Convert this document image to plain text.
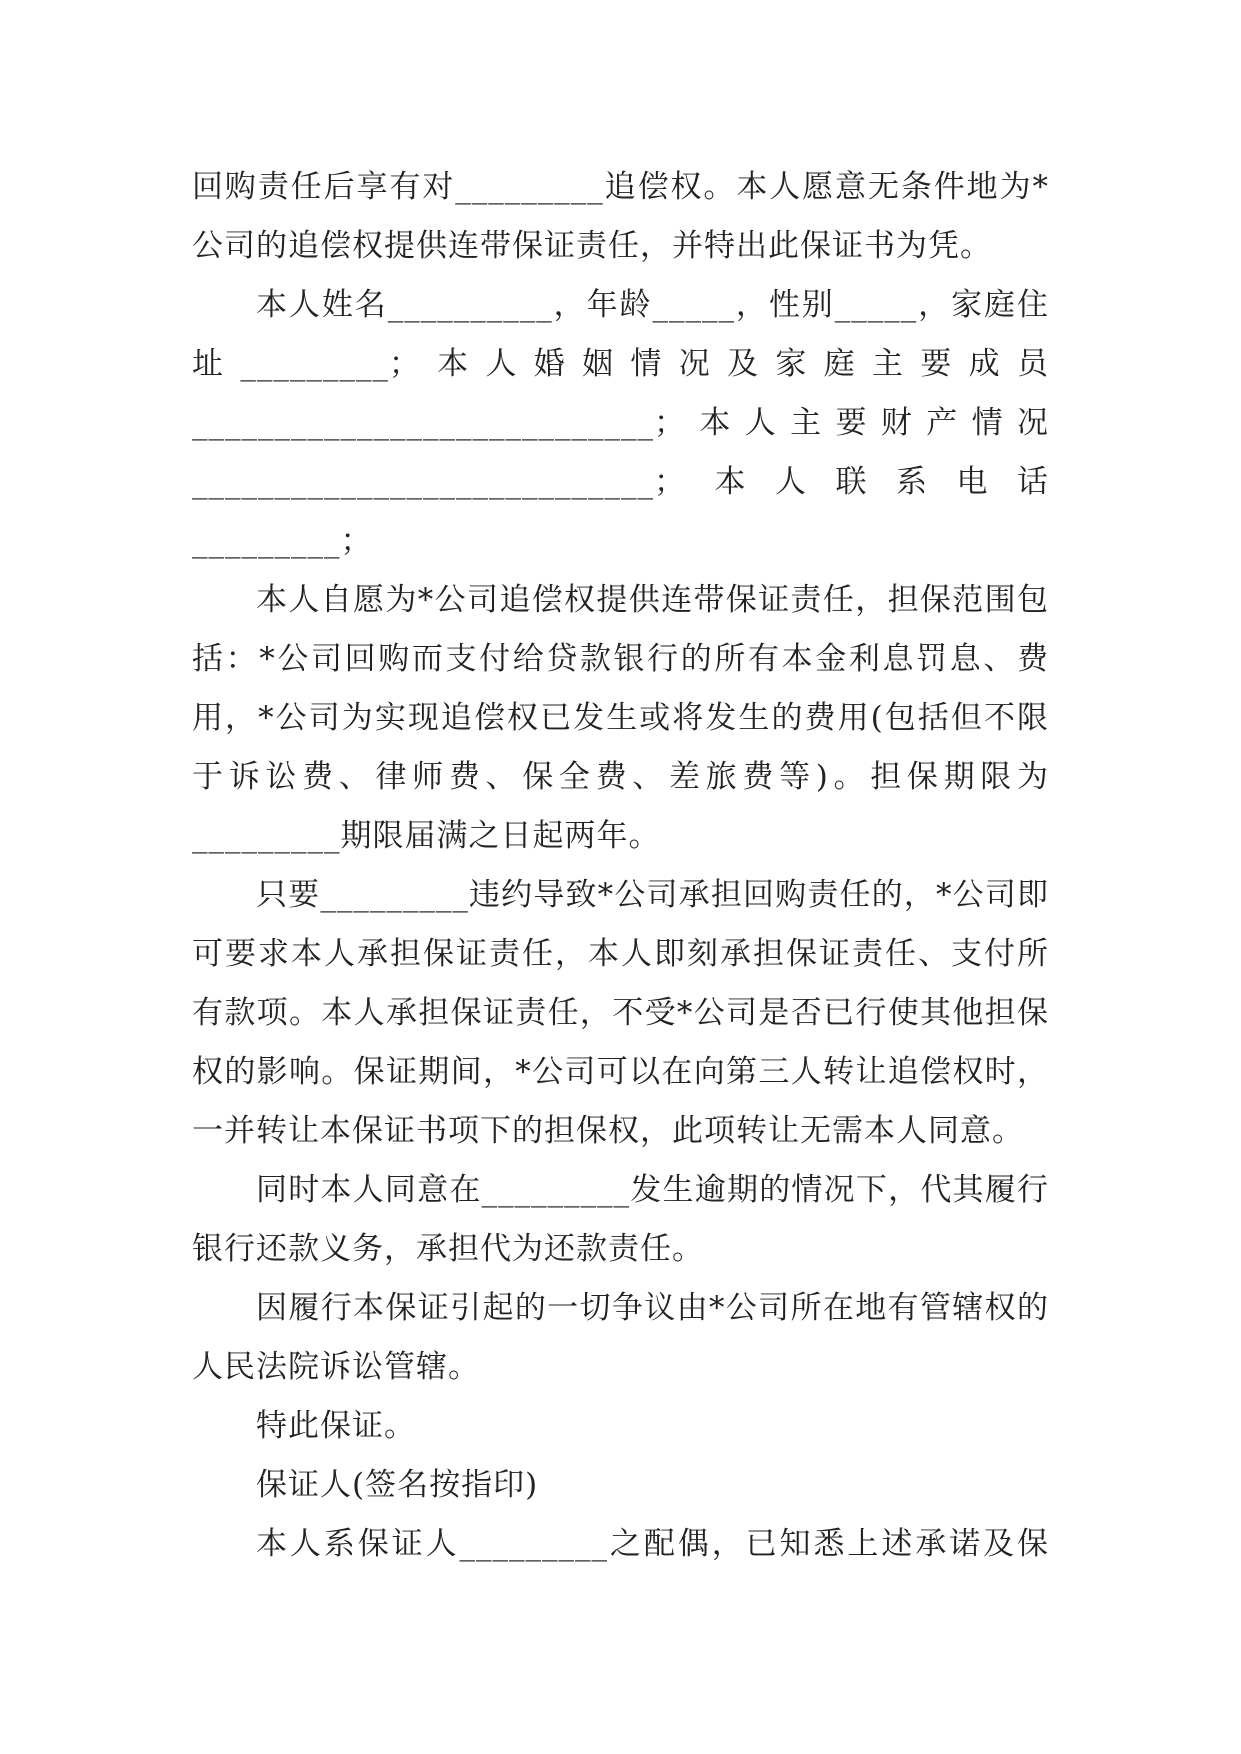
回购责任后享有对_________追偿权。本人愿意无条件地为*公司的追偿权提供连带保证责任，并特出此保证书为凭。

本人姓名__________，年龄_____，性别_____，家庭住址_________；本人婚姻情况及家庭主要成员____________________________；本人主要财产情况____________________________；本人联系电话_________；

本人自愿为*公司追偿权提供连带保证责任，担保范围包括：*公司回购而支付给贷款银行的所有本金利息罚息、费用，*公司为实现追偿权已发生或将发生的费用(包括但不限于诉讼费、律师费、保全费、差旅费等)。担保期限为_________期限届满之日起两年。

只要_________违约导致*公司承担回购责任的，*公司即可要求本人承担保证责任，本人即刻承担保证责任、支付所有款项。本人承担保证责任，不受*公司是否已行使其他担保权的影响。保证期间，*公司可以在向第三人转让追偿权时，一并转让本保证书项下的担保权，此项转让无需本人同意。

同时本人同意在_________发生逾期的情况下，代其履行银行还款义务，承担代为还款责任。

因履行本保证引起的一切争议由*公司所在地有管辖权的人民法院诉讼管辖。

特此保证。

保证人(签名按指印)

本人系保证人_________之配偶，已知悉上述承诺及保
